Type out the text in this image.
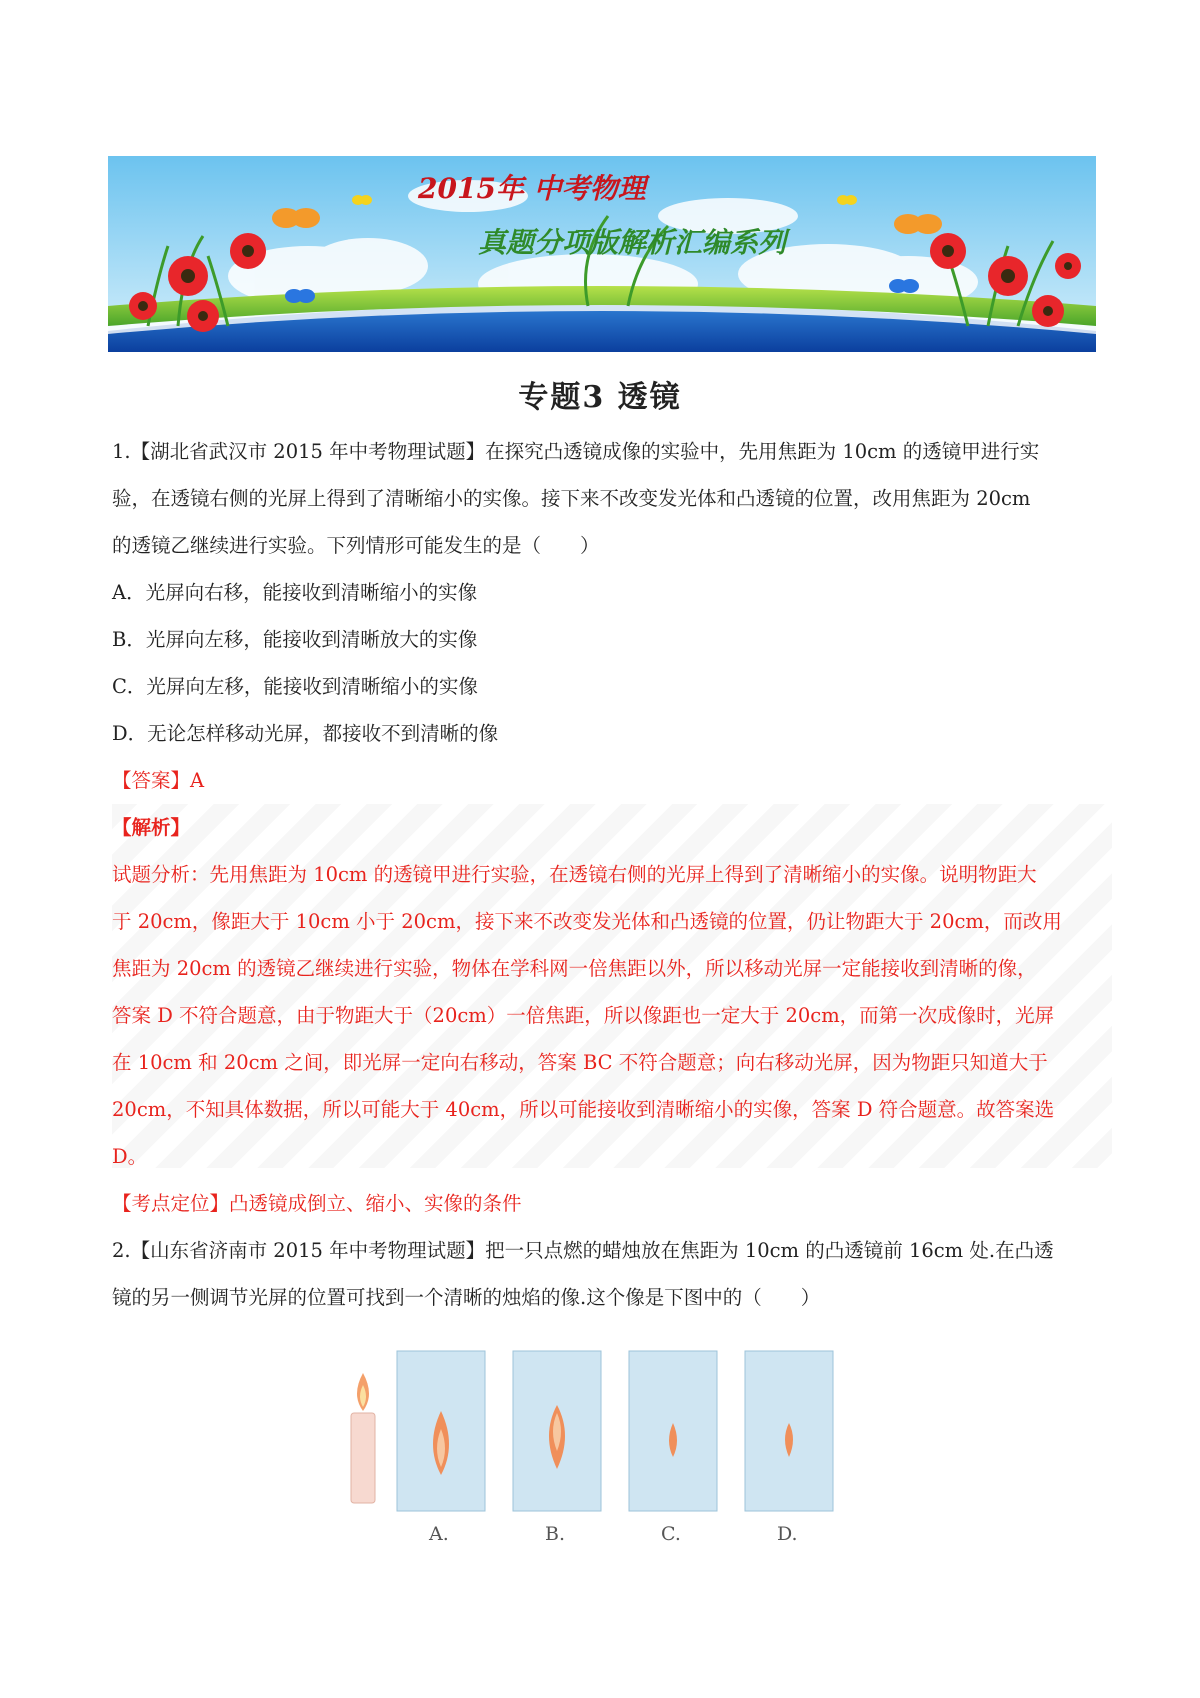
2015年 中考物理
真题分项版解析汇编系列
专题3 透镜
1.【湖北省武汉市 2015 年中考物理试题】在探究凸透镜成像的实验中，先用焦距为 10cm 的透镜甲进行实
验，在透镜右侧的光屏上得到了清晰缩小的实像。接下来不改变发光体和凸透镜的位置，改用焦距为 20cm
的透镜乙继续进行实验。下列情形可能发生的是（　　）
A．光屏向右移，能接收到清晰缩小的实像
B．光屏向左移，能接收到清晰放大的实像
C．光屏向左移，能接收到清晰缩小的实像
D．无论怎样移动光屏，都接收不到清晰的像
【答案】A
【解析】
试题分析：先用焦距为 10cm 的透镜甲进行实验，在透镜右侧的光屏上得到了清晰缩小的实像。说明物距大
于 20cm，像距大于 10cm 小于 20cm，接下来不改变发光体和凸透镜的位置，仍让物距大于 20cm，而改用
焦距为 20cm 的透镜乙继续进行实验，物体在学科网一倍焦距以外，所以移动光屏一定能接收到清晰的像，
答案 D 不符合题意，由于物距大于（20cm）一倍焦距，所以像距也一定大于 20cm，而第一次成像时，光屏
在 10cm 和 20cm 之间，即光屏一定向右移动，答案 BC 不符合题意；向右移动光屏，因为物距只知道大于
20cm，不知具体数据，所以可能大于 40cm，所以可能接收到清晰缩小的实像，答案 D 符合题意。故答案选
D。
【考点定位】凸透镜成倒立、缩小、实像的条件
2.【山东省济南市 2015 年中考物理试题】把一只点燃的蜡烛放在焦距为 10cm 的凸透镜前 16cm 处.在凸透
镜的另一侧调节光屏的位置可找到一个清晰的烛焰的像.这个像是下图中的（　　）
A.	B.	C.	D.
